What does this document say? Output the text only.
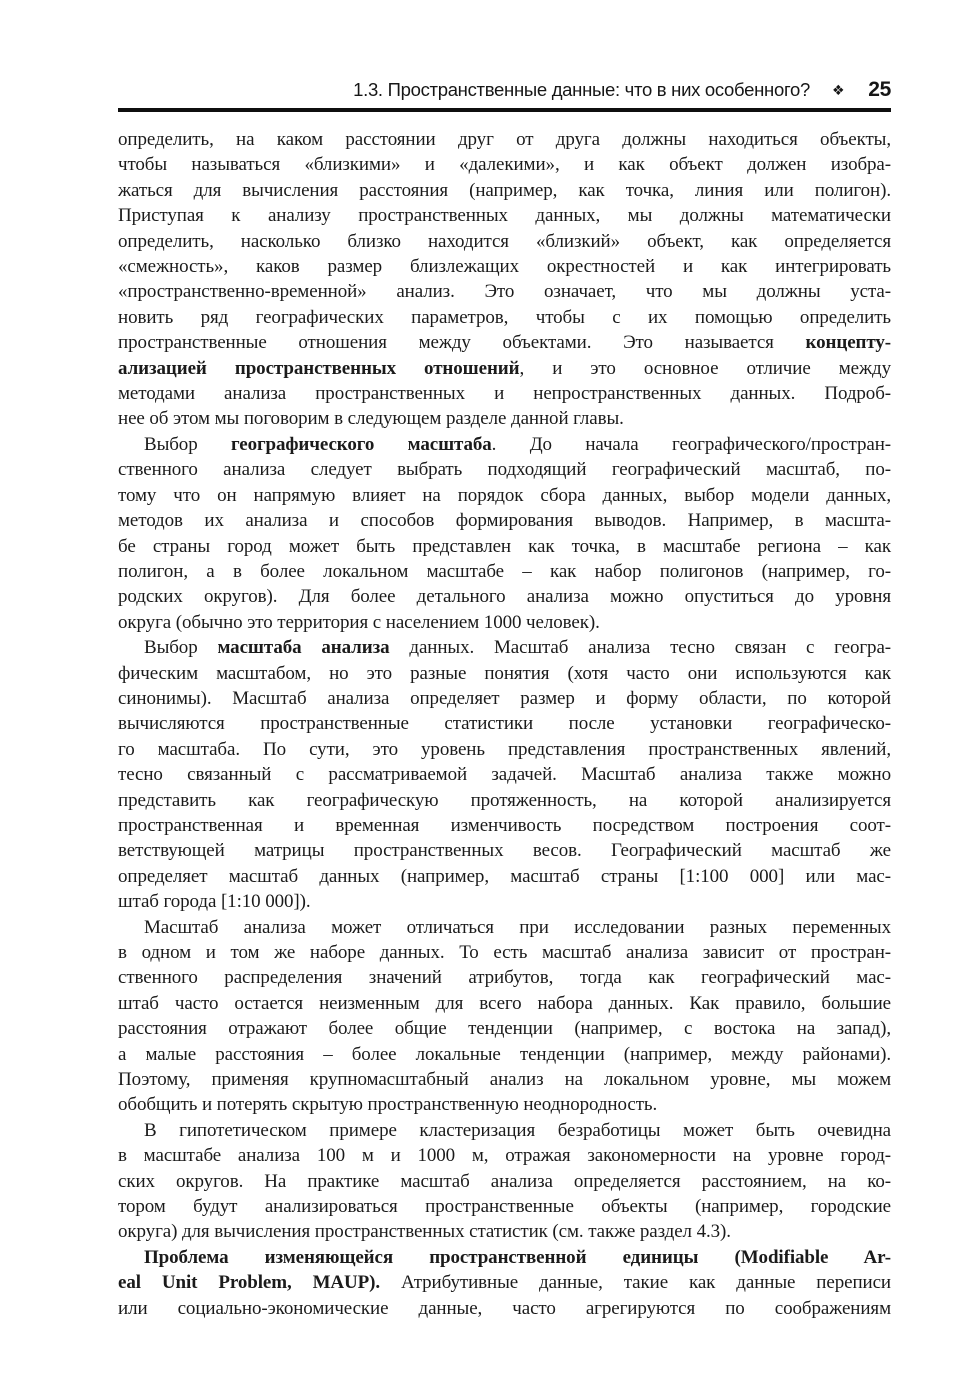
1.3. Пространственные данные: что в них особенного? ❖ 25
определить, на каком расстоянии друг от друга должны находиться объекты,
чтобы называться «близкими» и «далекими», и как объект должен изобра-
жаться для вычисления расстояния (например, как точка, линия или полигон).
Приступая к анализу пространственных данных, мы должны математически
определить, насколько близко находится «близкий» объект, как определяется
«смежность», каков размер близлежащих окрестностей и как интегрировать
«пространственно-временной» анализ. Это означает, что мы должны уста-
новить ряд географических параметров, чтобы с их помощью определить
пространственные отношения между объектами. Это называется концепту-
ализацией пространственных отношений, и это основное отличие между
методами анализа пространственных и непространственных данных. Подроб-
нее об этом мы поговорим в следующем разделе данной главы.
Выбор географического масштаба. До начала географического/простран-
ственного анализа следует выбрать подходящий географический масштаб, по-
тому что он напрямую влияет на порядок сбора данных, выбор модели данных,
методов их анализа и способов формирования выводов. Например, в масшта-
бе страны город может быть представлен как точка, в масштабе региона – как
полигон, а в более локальном масштабе – как набор полигонов (например, го-
родских округов). Для более детального анализа можно опуститься до уровня
округа (обычно это территория с населением 1000 человек).
Выбор масштаба анализа данных. Масштаб анализа тесно связан с геогра-
фическим масштабом, но это разные понятия (хотя часто они используются как
синонимы). Масштаб анализа определяет размер и форму области, по которой
вычисляются пространственные статистики после установки географическо-
го масштаба. По сути, это уровень представления пространственных явлений,
тесно связанный с рассматриваемой задачей. Масштаб анализа также можно
представить как географическую протяженность, на которой анализируется
пространственная и временная изменчивость посредством построения соот-
ветствующей матрицы пространственных весов. Географический масштаб же
определяет масштаб данных (например, масштаб страны [1:100 000] или мас-
штаб города [1:10 000]).
Масштаб анализа может отличаться при исследовании разных переменных
в одном и том же наборе данных. То есть масштаб анализа зависит от простран-
ственного распределения значений атрибутов, тогда как географический мас-
штаб часто остается неизменным для всего набора данных. Как правило, большие
расстояния отражают более общие тенденции (например, с востока на запад),
а малые расстояния – более локальные тенденции (например, между районами).
Поэтому, применяя крупномасштабный анализ на локальном уровне, мы можем
обобщить и потерять скрытую пространственную неоднородность.
В гипотетическом примере кластеризация безработицы может быть очевидна
в масштабе анализа 100 м и 1000 м, отражая закономерности на уровне город-
ских округов. На практике масштаб анализа определяется расстоянием, на ко-
тором будут анализироваться пространственные объекты (например, городские
округа) для вычисления пространственных статистик (см. также раздел 4.3).
Проблема изменяющейся пространственной единицы (Modifiable Ar-
eal Unit Problem, MAUP). Атрибутивные данные, такие как данные переписи
или социально-экономические данные, часто агрегируются по соображениям
